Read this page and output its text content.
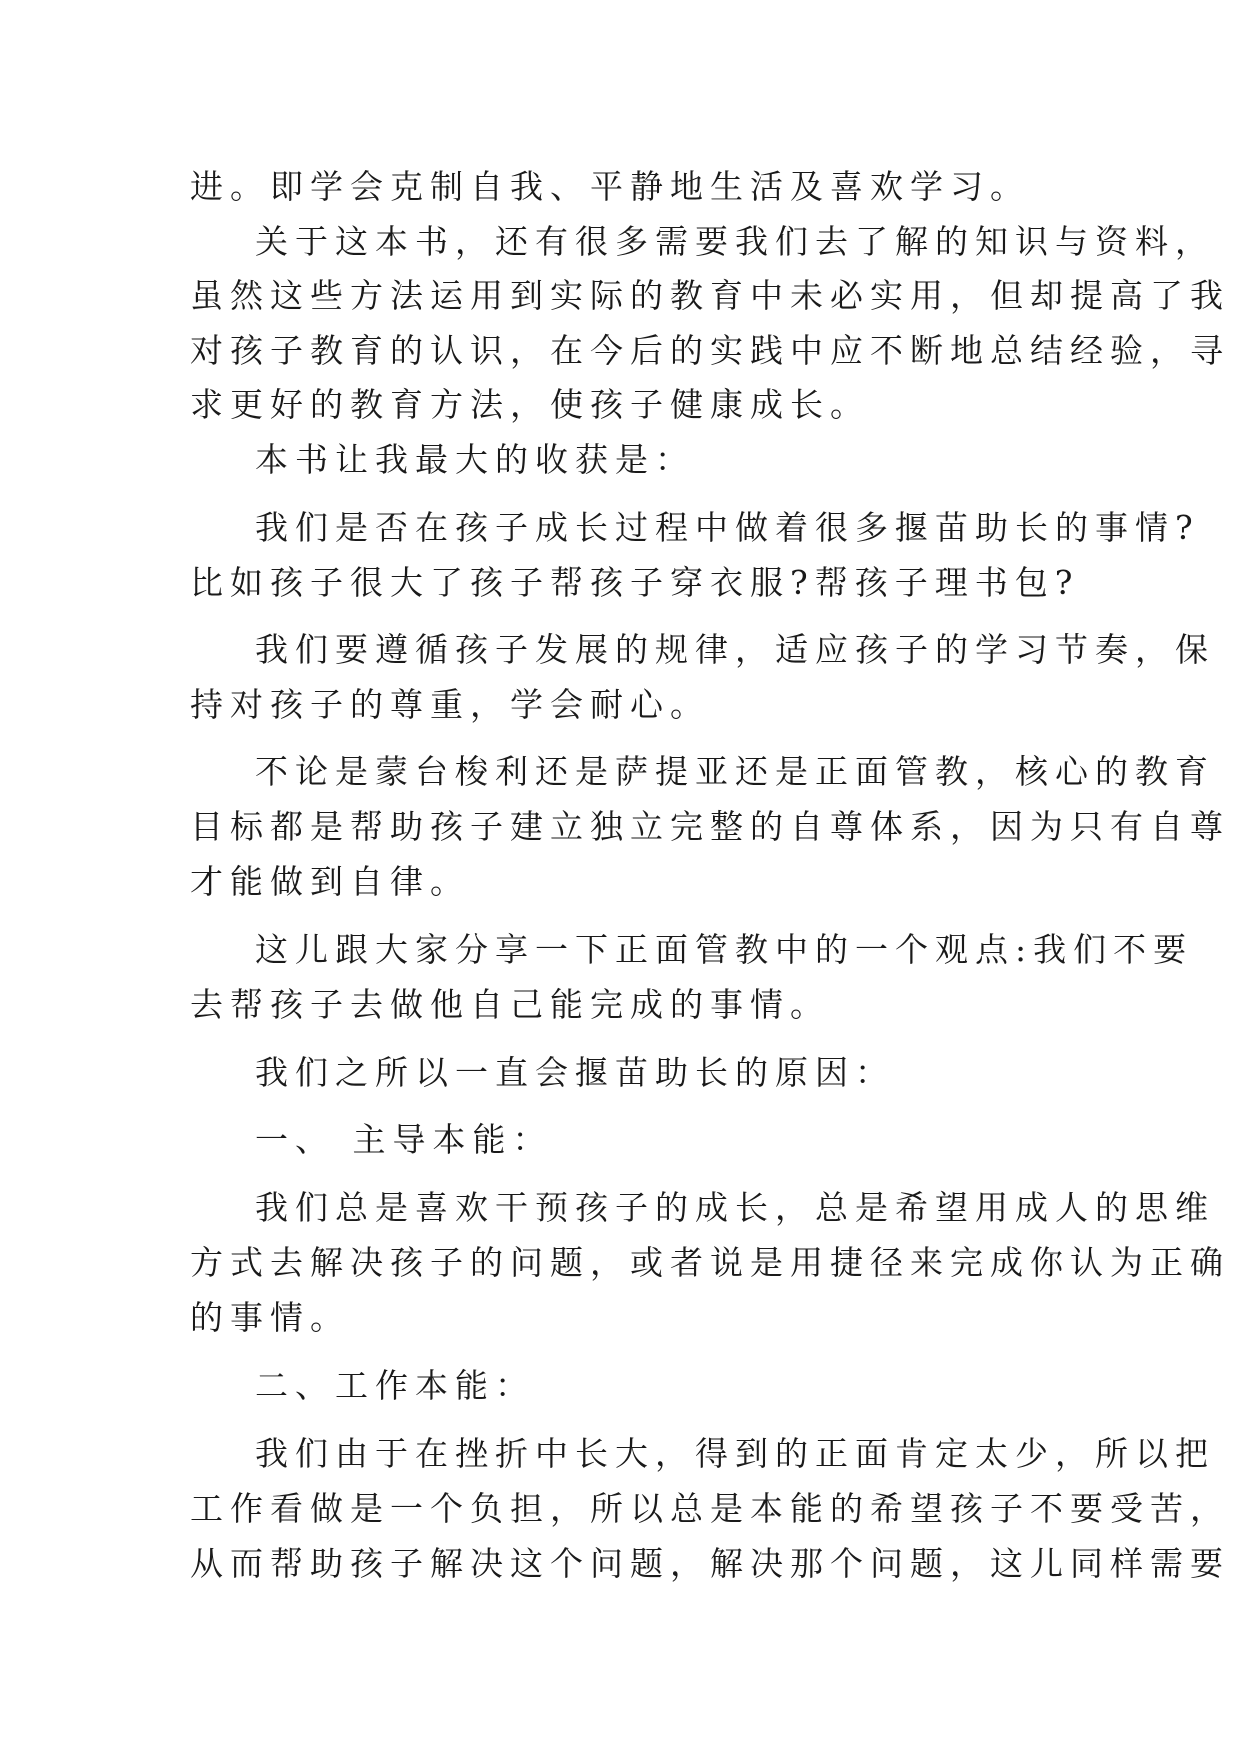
进。即学会克制自我、平静地生活及喜欢学习。
关于这本书，还有很多需要我们去了解的知识与资料，
虽然这些方法运用到实际的教育中未必实用，但却提高了我
对孩子教育的认识，在今后的实践中应不断地总结经验，寻
求更好的教育方法，使孩子健康成长。
本书让我最大的收获是：
我们是否在孩子成长过程中做着很多揠苗助长的事情?
比如孩子很大了孩子帮孩子穿衣服?帮孩子理书包?
我们要遵循孩子发展的规律，适应孩子的学习节奏，保
持对孩子的尊重，学会耐心。
不论是蒙台梭利还是萨提亚还是正面管教，核心的教育
目标都是帮助孩子建立独立完整的自尊体系，因为只有自尊
才能做到自律。
这儿跟大家分享一下正面管教中的一个观点:我们不要
去帮孩子去做他自己能完成的事情。
我们之所以一直会揠苗助长的原因：
一、 主导本能：
我们总是喜欢干预孩子的成长，总是希望用成人的思维
方式去解决孩子的问题，或者说是用捷径来完成你认为正确
的事情。
二、工作本能：
我们由于在挫折中长大，得到的正面肯定太少，所以把
工作看做是一个负担，所以总是本能的希望孩子不要受苦，
从而帮助孩子解决这个问题，解决那个问题，这儿同样需要
